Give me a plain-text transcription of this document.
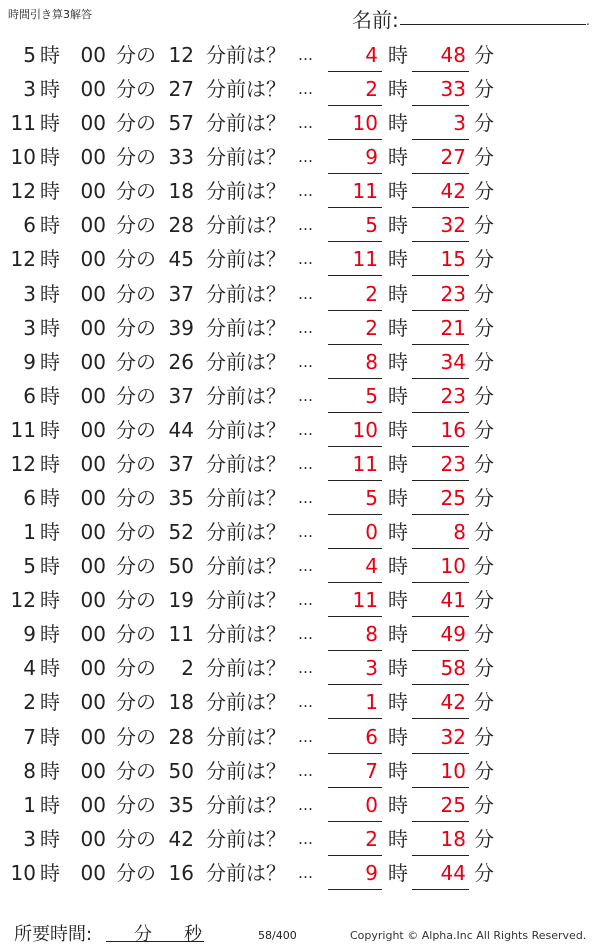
時間引き算3解答	名前:	.
5 時 00 分の 12 分前は？ …	4 時	48 分
3 時 00 分の 27 分前は？ …	2 時	33 分
11 時 00 分の 57 分前は？ …	10 時	3 分
10 時 00 分の 33 分前は？ …	9 時	27 分
12 時 00 分の 18 分前は？ …	11 時	42 分
6 時 00 分の 28 分前は？ …	5 時	32 分
12 時 00 分の 45 分前は？ …	11 時	15 分
3 時 00 分の 37 分前は？ …	2 時	23 分
3 時 00 分の 39 分前は？ …	2 時	21 分
9 時 00 分の 26 分前は？ …	8 時	34 分
6 時 00 分の 37 分前は？ …	5 時	23 分
11 時 00 分の 44 分前は？ …	10 時	16 分
12 時 00 分の 37 分前は？ …	11 時	23 分
6 時 00 分の 35 分前は？ …	5 時	25 分
1 時 00 分の 52 分前は？ …	0 時	8 分
5 時 00 分の 50 分前は？ …	4 時	10 分
12 時 00 分の 19 分前は？ …	11 時	41 分
9 時 00 分の 11 分前は？ …	8 時	49 分
4 時 00 分の	2 分前は？ …	3 時	58 分
2 時 00 分の 18 分前は？ …	1 時	42 分
7 時 00 分の 28 分前は？ …	6 時	32 分
8 時 00 分の 50 分前は？ …	7 時	10 分
1 時 00 分の 35 分前は？ …	0 時	25 分
3 時 00 分の 42 分前は？ …	2 時	18 分
10 時 00 分の 16 分前は？ …	9 時	44 分
所要時間: 分 秒	58/400	Copyright © Alpha.Inc All Rights Reserved.
